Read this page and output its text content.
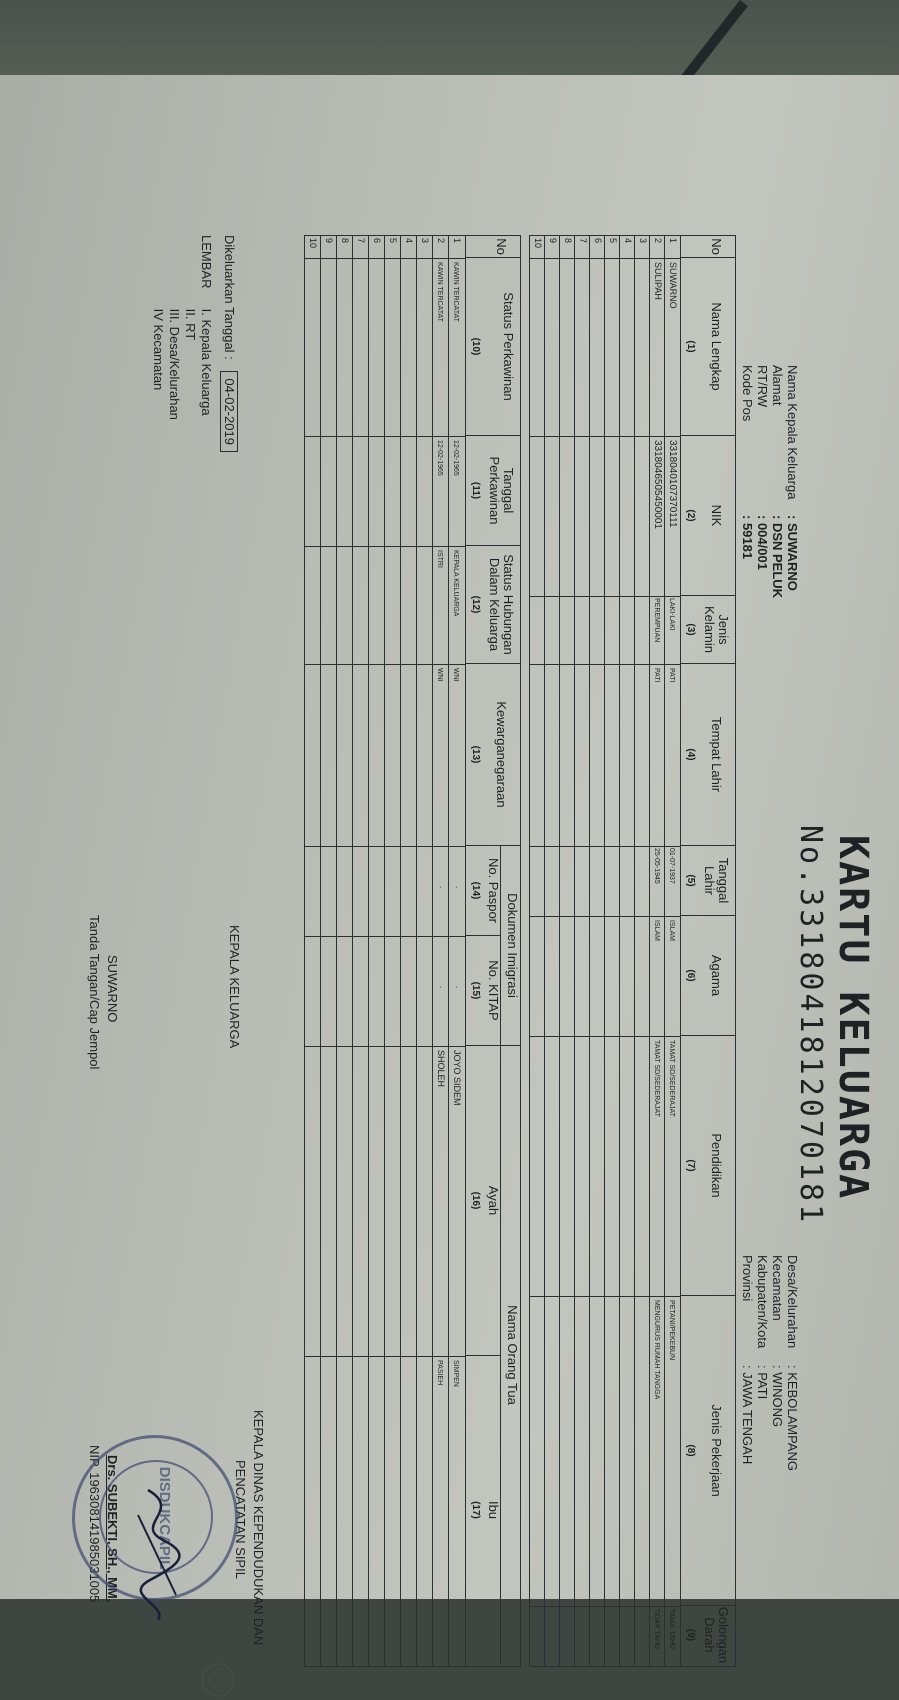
KARTU KELUARGA
No.3318041812070181
Nama Kepala Keluarga: SUWARNO
Alamat: DSN PELUK
RT/RW: 004/001
Kode Pos: 59181
Desa/Kelurahan: KEBOLAMPANG
Kecamatan: WINONG
Kabupaten/Kota: PATI
Provinsi: JAWA TENGAH
No
Nama Lengkap
(1)
NIK
(2)
Jenis Kelamin
(3)
Tempat Lahir
(4)
Tanggal Lahir
(5)
Agama
(6)
Pendidikan
(7)
Jenis Pekerjaan
(8)
Golongan Darah
(9)
1
2
3
4
5
6
7
8
9
10
SUWARNO
3318040107370111
LAKI-LAKI
PATI
01-07-1937
ISLAM
TAMAT SD/SEDERAJAT
PETANI/PEKEBUN
TIDAK TAHU
SULIPAH
3318046505450001
PEREMPUAN
PATI
25-05-1945
ISLAM
TAMAT SD/SEDERAJAT
MENGURUS RUMAH TANGGA
TIDAK TAHU
No
Status Perkawinan
(10)
Tanggal Perkawinan
(11)
Status Hubungan Dalam Keluarga
(12)
Kewarganegaraan
(13)
Dokumen Imigrasi
No. Paspor
(14)
No. KITAP
(15)
Nama Orang Tua
Ayah
(16)
Ibu
(17)
1
2
3
4
5
6
7
8
9
10
KAWIN TERCATAT
12-02-1965
KEPALA KELUARGA
WNI
-
-
JOYO SIDEM
SIMPEN
KAWIN TERCATAT
12-02-1965
ISTRI
WNI
-
-
SHOLEH
PASIEH
Dikeluarkan Tanggal : 04-02-2019
LEMBAR
I. Kepala Keluarga
II. RT
III. Desa/Kelurahan
IV Kecamatan
KEPALA KELUARGA
SUWARNO
Tanda Tangan/Cap Jempol
KEPALA DINAS KEPENDUDUKAN DAN
PENCATATAN SIPIL
Drs. SUBEKTI, SH., MM.
NIP. 196308141985031005	DISDUKCAPIL
